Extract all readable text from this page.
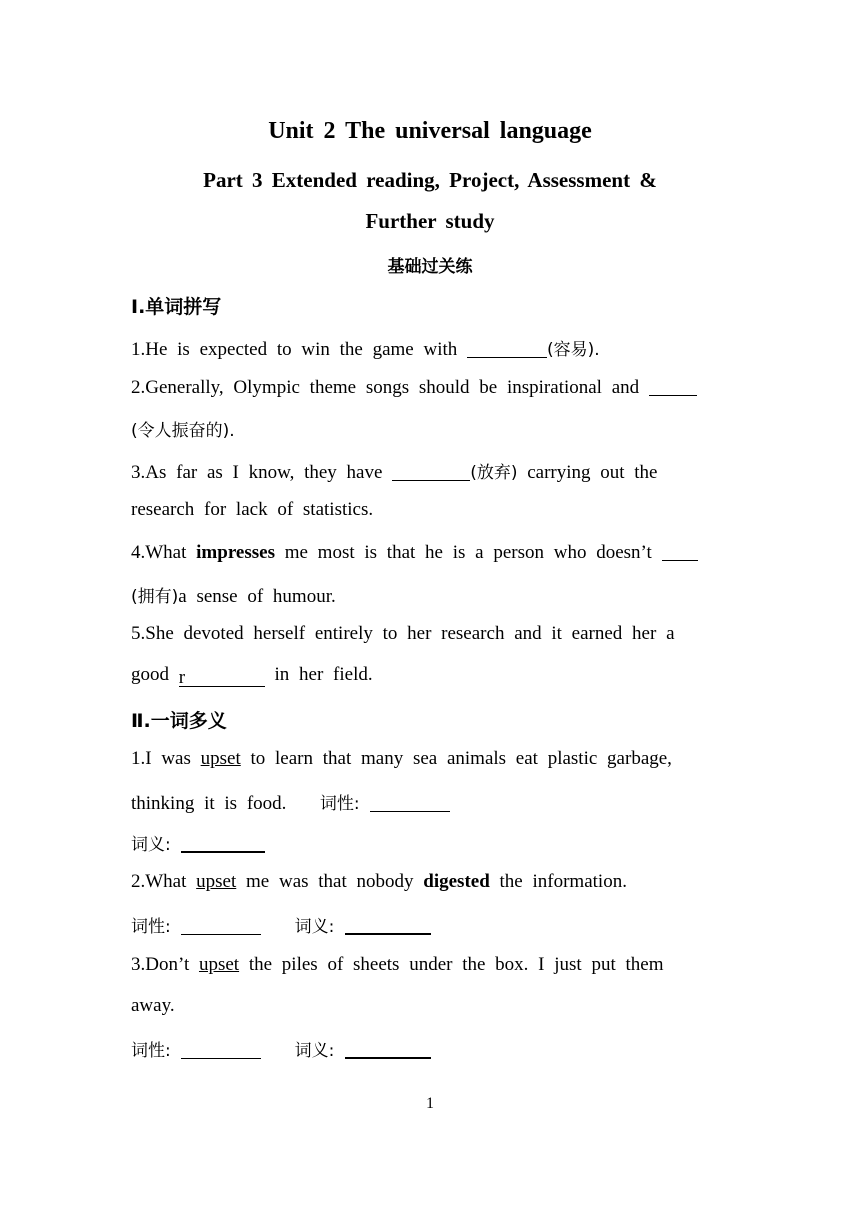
Unit 2 The universal language
Part 3 Extended reading, Project, Assessment &
Further study
基础过关练
Ⅰ.单词拼写
1.He is expected to win the game with	(容易).
2.Generally, Olympic theme songs should be inspirational and
(令人振奋的).
3.As far as I know, they have	(放弃) carrying out the
research for lack of statistics.
4.What impresses me most is that he is a person who doesn’t
(拥有)a sense of humour.
5.She devoted herself entirely to her research and it earned her a
good r	in her field.
Ⅱ.一词多义
1.I was upset to learn that many sea animals eat plastic garbage,
thinking it is food. 词性:
词义:
2.What upset me was that nobody digested the information.
词性:	词义:
3.Don’t upset the piles of sheets under the box. I just put them
away.
词性:	词义:
1
